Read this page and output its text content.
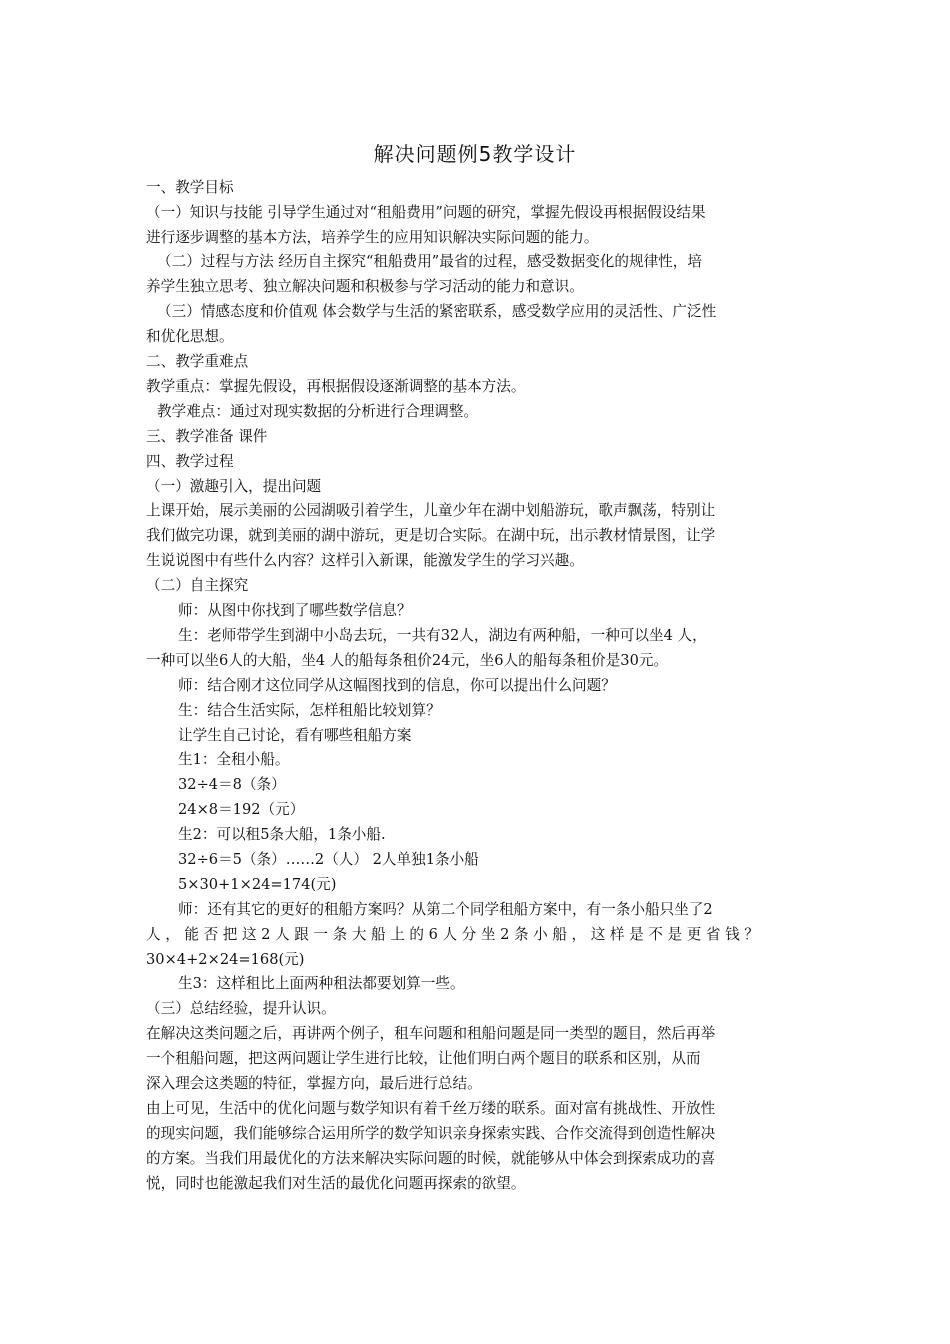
解决问题例5教学设计
一、教学目标
（一）知识与技能 引导学生通过对“租船费用”问题的研究，掌握先假设再根据假设结果
进行逐步调整的基本方法，培养学生的应用知识解决实际问题的能力。
（二）过程与方法 经历自主探究“租船费用”最省的过程，感受数据变化的规律性，培
养学生独立思考、独立解决问题和积极参与学习活动的能力和意识。
（三）情感态度和价值观 体会数学与生活的紧密联系，感受数学应用的灵活性、广泛性
和优化思想。
二、教学重难点
教学重点：掌握先假设，再根据假设逐渐调整的基本方法。
教学难点：通过对现实数据的分析进行合理调整。
三、教学准备 课件
四、教学过程
（一）激趣引入，提出问题
上课开始，展示美丽的公园湖吸引着学生，儿童少年在湖中划船游玩，歌声飘荡，特别让
我们做完功课，就到美丽的湖中游玩，更是切合实际。在湖中玩，出示教材情景图，让学
生说说图中有些什么内容？这样引入新课，能激发学生的学习兴趣。
（二）自主探究
师：从图中你找到了哪些数学信息？
生：老师带学生到湖中小岛去玩，一共有32人，湖边有两种船，一种可以坐4 人，
一种可以坐6人的大船，坐4 人的船每条租价24元，坐6人的船每条租价是30元。
师：结合刚才这位同学从这幅图找到的信息，你可以提出什么问题？
生：结合生活实际，怎样租船比较划算？
让学生自己讨论，看有哪些租船方案
生1：全租小船。
32÷4＝8（条）
24×8＝192（元）
生2：可以租5条大船，1条小船.
32÷6＝5（条）……2（人） 2人单独1条小船
5×30+1×24=174(元)
师：还有其它的更好的租船方案吗？从第二个同学租船方案中，有一条小船只坐了2
人，能否把这2人跟一条大船上的6人分坐2条小船，这样是不是更省钱？
30×4+2×24=168(元)
生3：这样租比上面两种租法都要划算一些。
（三）总结经验，提升认识。
在解决这类问题之后，再讲两个例子，租车问题和租船问题是同一类型的题目，然后再举
一个租船问题，把这两问题让学生进行比较，让他们明白两个题目的联系和区别，从而
深入理会这类题的特征，掌握方向，最后进行总结。
由上可见，生活中的优化问题与数学知识有着千丝万缕的联系。面对富有挑战性、开放性
的现实问题，我们能够综合运用所学的数学知识亲身探索实践、合作交流得到创造性解决
的方案。当我们用最优化的方法来解决实际问题的时候，就能够从中体会到探索成功的喜
悦，同时也能激起我们对生活的最优化问题再探索的欲望。
